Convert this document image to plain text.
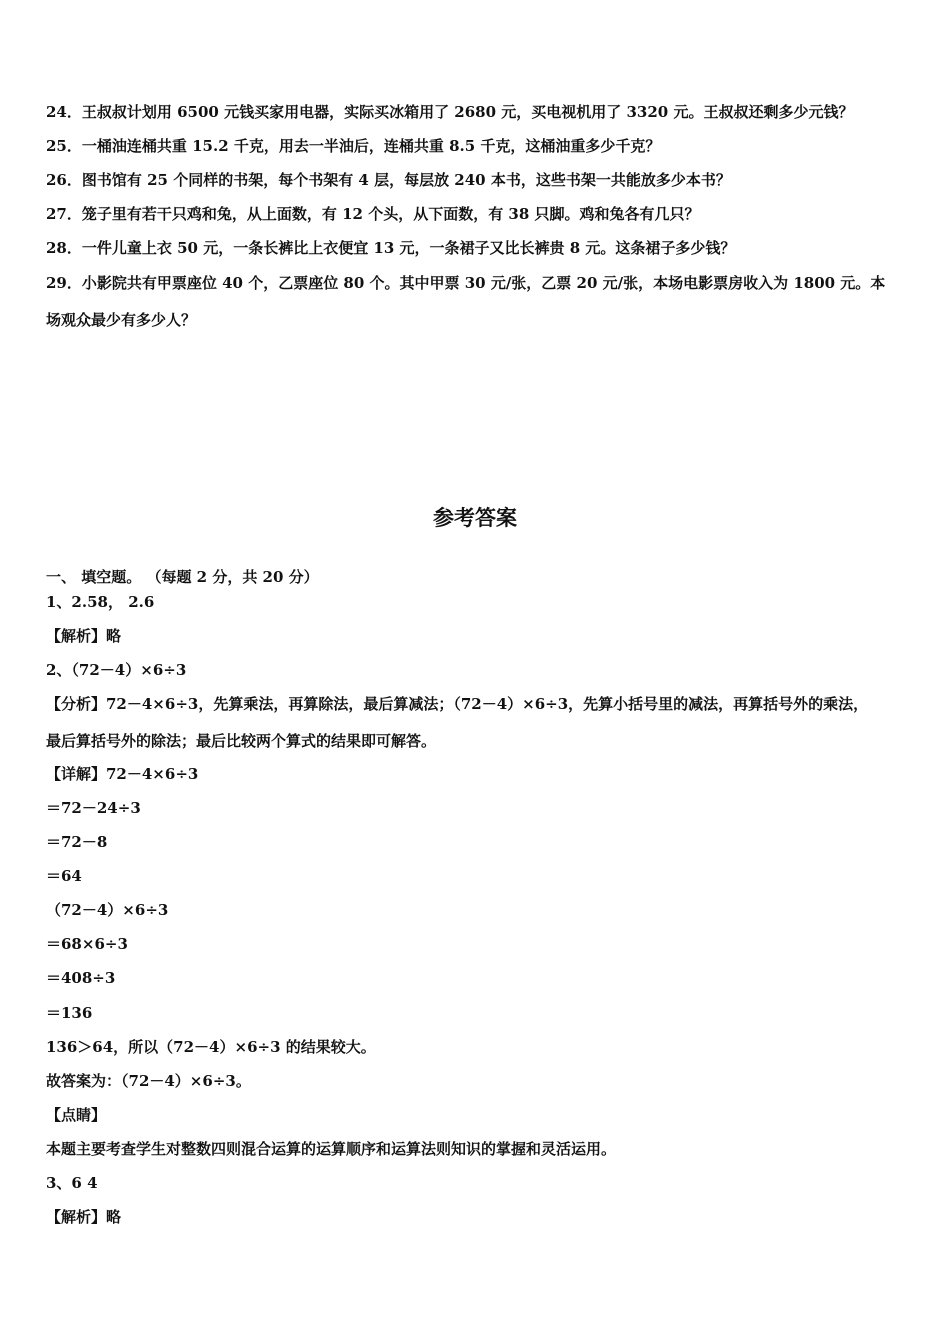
24．王叔叔计划用 6500 元钱买家用电器，实际买冰箱用了 2680 元，买电视机用了 3320 元。王叔叔还剩多少元钱？
25．一桶油连桶共重 15.2 千克，用去一半油后，连桶共重 8.5 千克，这桶油重多少千克？
26．图书馆有 25 个同样的书架，每个书架有 4 层，每层放 240 本书，这些书架一共能放多少本书？
27．笼子里有若干只鸡和兔，从上面数，有 12 个头，从下面数，有 38 只脚。鸡和兔各有几只？
28．一件儿童上衣 50 元，一条长裤比上衣便宜 13 元，一条裙子又比长裤贵 8 元。这条裙子多少钱？
29．小影院共有甲票座位 40 个，乙票座位 80 个。其中甲票 30 元/张，乙票 20 元/张，本场电影票房收入为 1800 元。本
场观众最少有多少人？
参考答案
一、 填空题。 （每题 2 分，共 20 分）
1、2.58， 2.6
【解析】略
2、（72－4）×6÷3
【分析】72－4×6÷3，先算乘法，再算除法，最后算减法；（72－4）×6÷3，先算小括号里的减法，再算括号外的乘法，
最后算括号外的除法；最后比较两个算式的结果即可解答。
【详解】72－4×6÷3
＝72－24÷3
＝72－8
＝64
（72－4）×6÷3
＝68×6÷3
＝408÷3
＝136
136＞64，所以（72－4）×6÷3 的结果较大。
故答案为：（72－4）×6÷3。
【点睛】
本题主要考查学生对整数四则混合运算的运算顺序和运算法则知识的掌握和灵活运用。
3、6 4
【解析】略
